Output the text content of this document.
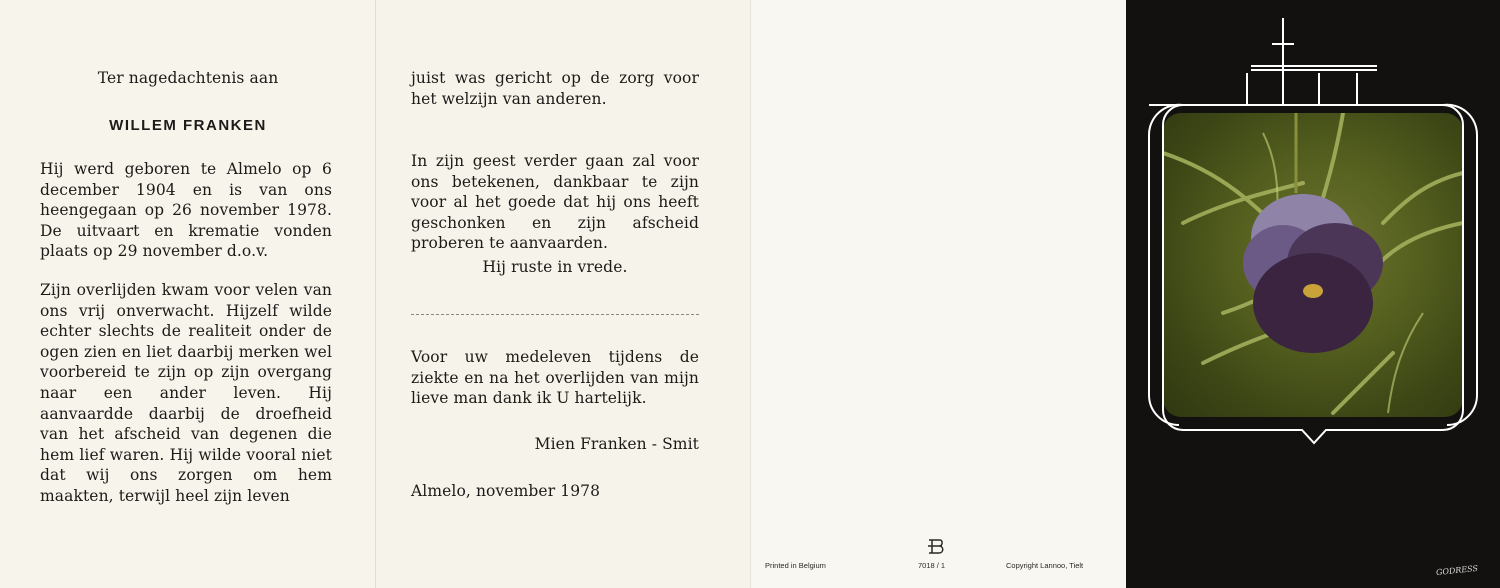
Ter nagedachtenis aan
WILLEM FRANKEN
Hij werd geboren te Almelo op 6 december 1904 en is van ons heengegaan op 26 november 1978. De uitvaart en krematie vonden plaats op 29 november d.o.v.
Zijn overlijden kwam voor velen van ons vrij onverwacht. Hijzelf wilde echter slechts de realiteit onder de ogen zien en liet daarbij merken wel voorbereid te zijn op zijn overgang naar een ander leven. Hij aanvaardde daarbij de droefheid van het afscheid van degenen die hem lief waren. Hij wilde vooral niet dat wij ons zorgen om hem maakten, terwijl heel zijn leven
juist was gericht op de zorg voor het welzijn van anderen.
In zijn geest verder gaan zal voor ons betekenen, dankbaar te zijn voor al het goede dat hij ons heeft geschonken en zijn afscheid proberen te aanvaarden.
Hij ruste in vrede.
Voor uw medeleven tijdens de ziekte en na het overlijden van mijn lieve man dank ik U hartelijk.
Mien Franken - Smit
Almelo, november 1978
Printed in Belgium	7018 / 1	Copyright Lannoo, Tielt	GODRESS
